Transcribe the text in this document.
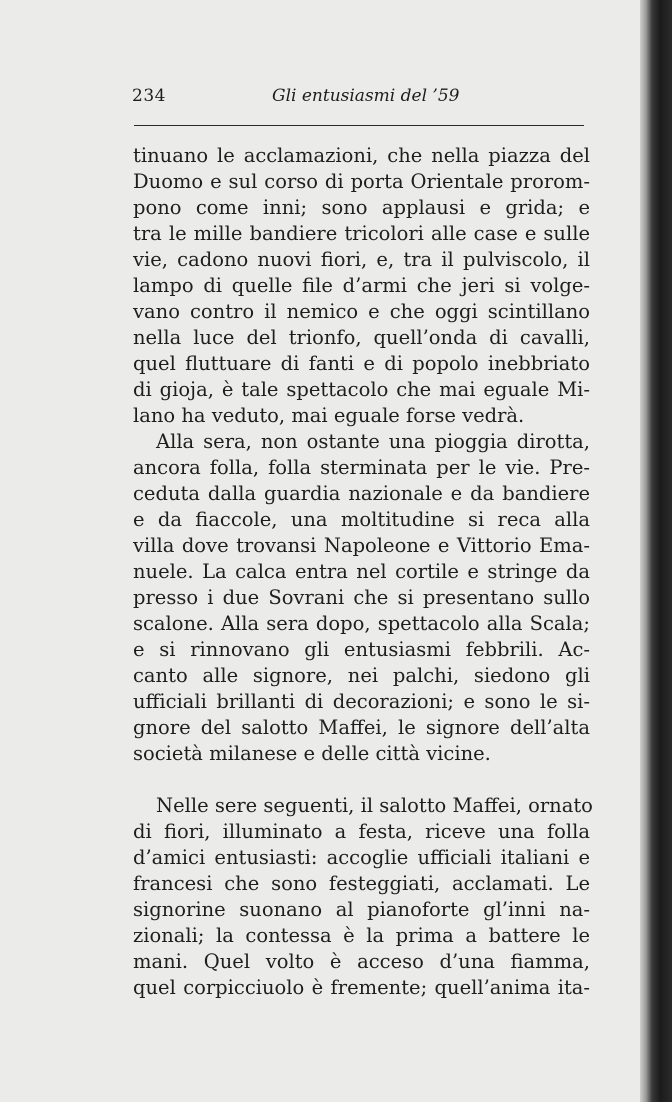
234	Gli entusiasmi del ’59
tinuano le acclamazioni, che nella piazza del
Duomo e sul corso di porta Orientale prorom-
pono come inni; sono applausi e grida; e
tra le mille bandiere tricolori alle case e sulle
vie, cadono nuovi fiori, e, tra il pulviscolo, il
lampo di quelle file d’armi che jeri si volge-
vano contro il nemico e che oggi scintillano
nella luce del trionfo, quell’onda di cavalli,
quel fluttuare di fanti e di popolo inebbriato
di gioja, è tale spettacolo che mai eguale Mi-
lano ha veduto, mai eguale forse vedrà.
Alla sera, non ostante una pioggia dirotta,
ancora folla, folla sterminata per le vie. Pre-
ceduta dalla guardia nazionale e da bandiere
e da fiaccole, una moltitudine si reca alla
villa dove trovansi Napoleone e Vittorio Ema-
nuele. La calca entra nel cortile e stringe da
presso i due Sovrani che si presentano sullo
scalone. Alla sera dopo, spettacolo alla Scala;
e si rinnovano gli entusiasmi febbrili. Ac-
canto alle signore, nei palchi, siedono gli
ufficiali brillanti di decorazioni; e sono le si-
gnore del salotto Maffei, le signore dell’alta
società milanese e delle città vicine.
Nelle sere seguenti, il salotto Maffei, ornato
di fiori, illuminato a festa, riceve una folla
d’amici entusiasti: accoglie ufficiali italiani e
francesi che sono festeggiati, acclamati. Le
signorine suonano al pianoforte gl’inni na-
zionali; la contessa è la prima a battere le
mani. Quel volto è acceso d’una fiamma,
quel corpicciuolo è fremente; quell’anima ita-
